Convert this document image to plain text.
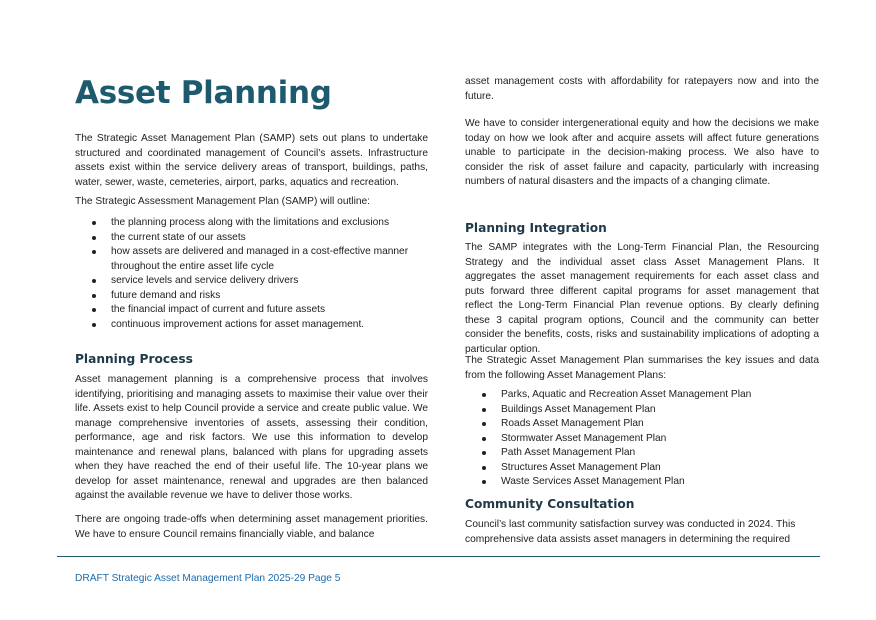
Asset Planning

The Strategic Asset Management Plan (SAMP) sets out plans to undertake structured and coordinated management of Council’s assets. Infrastructure assets exist within the service delivery areas of transport, buildings, paths, water, sewer, waste, cemeteries, airport, parks, aquatics and recreation.

The Strategic Assessment Management Plan (SAMP) will outline:

the planning process along with the limitations and exclusions
the current state of our assets
how assets are delivered and managed in a cost-effective manner throughout the entire asset life cycle
service levels and service delivery drivers
future demand and risks
the financial impact of current and future assets
continuous improvement actions for asset management.
Planning Process

Asset management planning is a comprehensive process that involves identifying, prioritising and managing assets to maximise their value over their life. Assets exist to help Council provide a service and create public value. We manage comprehensive inventories of assets, assessing their condition, performance, age and risk factors. We use this information to develop maintenance and renewal plans, balanced with plans for upgrading assets when they have reached the end of their useful life. The 10-year plans we develop for asset maintenance, renewal and upgrades are then balanced against the available revenue we have to deliver those works.

There are ongoing trade-offs when determining asset management priorities. We have to ensure Council remains financially viable, and balance

asset management costs with affordability for ratepayers now and into the future.

We have to consider intergenerational equity and how the decisions we make today on how we look after and acquire assets will affect future generations unable to participate in the decision-making process. We also have to consider the risk of asset failure and capacity, particularly with increasing numbers of natural disasters and the impacts of a changing climate.

Planning Integration

The SAMP integrates with the Long-Term Financial Plan, the Resourcing Strategy and the individual asset class Asset Management Plans. It aggregates the asset management requirements for each asset class and puts forward three different capital programs for asset management that reflect the Long-Term Financial Plan revenue options. By clearly defining these 3 capital program options, Council and the community can better consider the benefits, costs, risks and sustainability implications of adopting a particular option.

The Strategic Asset Management Plan summarises the key issues and data from the following Asset Management Plans:

Parks, Aquatic and Recreation Asset Management Plan
Buildings Asset Management Plan
Roads Asset Management Plan
Stormwater Asset Management Plan
Path Asset Management Plan
Structures Asset Management Plan
Waste Services Asset Management Plan
Community Consultation

Council’s last community satisfaction survey was conducted in 2024. This comprehensive data assists asset managers in determining the required

DRAFT Strategic Asset Management Plan 2025-29 Page 5
